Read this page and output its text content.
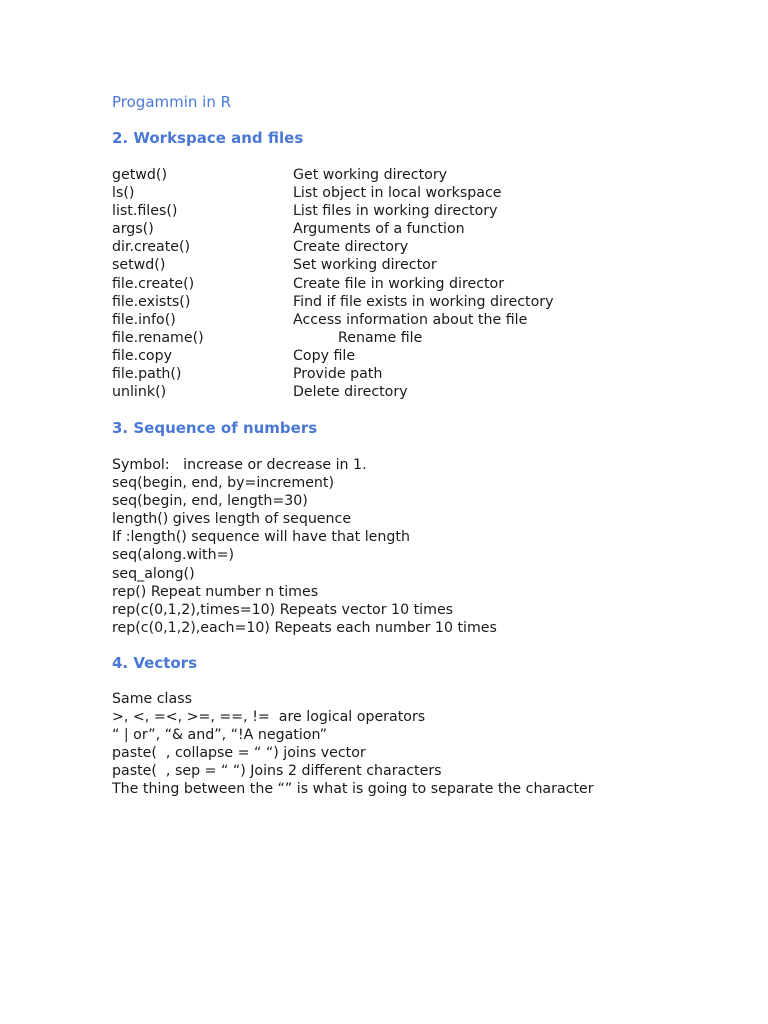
Progammin in R
2. Workspace and files
getwd()	Get working directory
ls()	List object in local workspace
list.files()	List files in working directory
args()	Arguments of a function
dir.create()	Create directory
setwd()	Set working director
file.create()	Create file in working director
file.exists()	Find if file exists in working directory
file.info()	Access information about the file
file.rename()	Rename file
file.copy	Copy file
file.path()	Provide path
unlink()	Delete directory
3. Sequence of numbers
Symbol:   increase or decrease in 1.
seq(begin, end, by=increment)
seq(begin, end, length=30)
length() gives length of sequence
If :length() sequence will have that length
seq(along.with=)
seq_along()
rep() Repeat number n times
rep(c(0,1,2),times=10) Repeats vector 10 times
rep(c(0,1,2),each=10) Repeats each number 10 times
4. Vectors
Same class
>, <, =<, >=, ==, !=  are logical operators
“ | or”, “& and”, “!A negation”
paste(  , collapse = “ “) joins vector
paste(  , sep = “ “) Joins 2 different characters
The thing between the “” is what is going to separate the character
